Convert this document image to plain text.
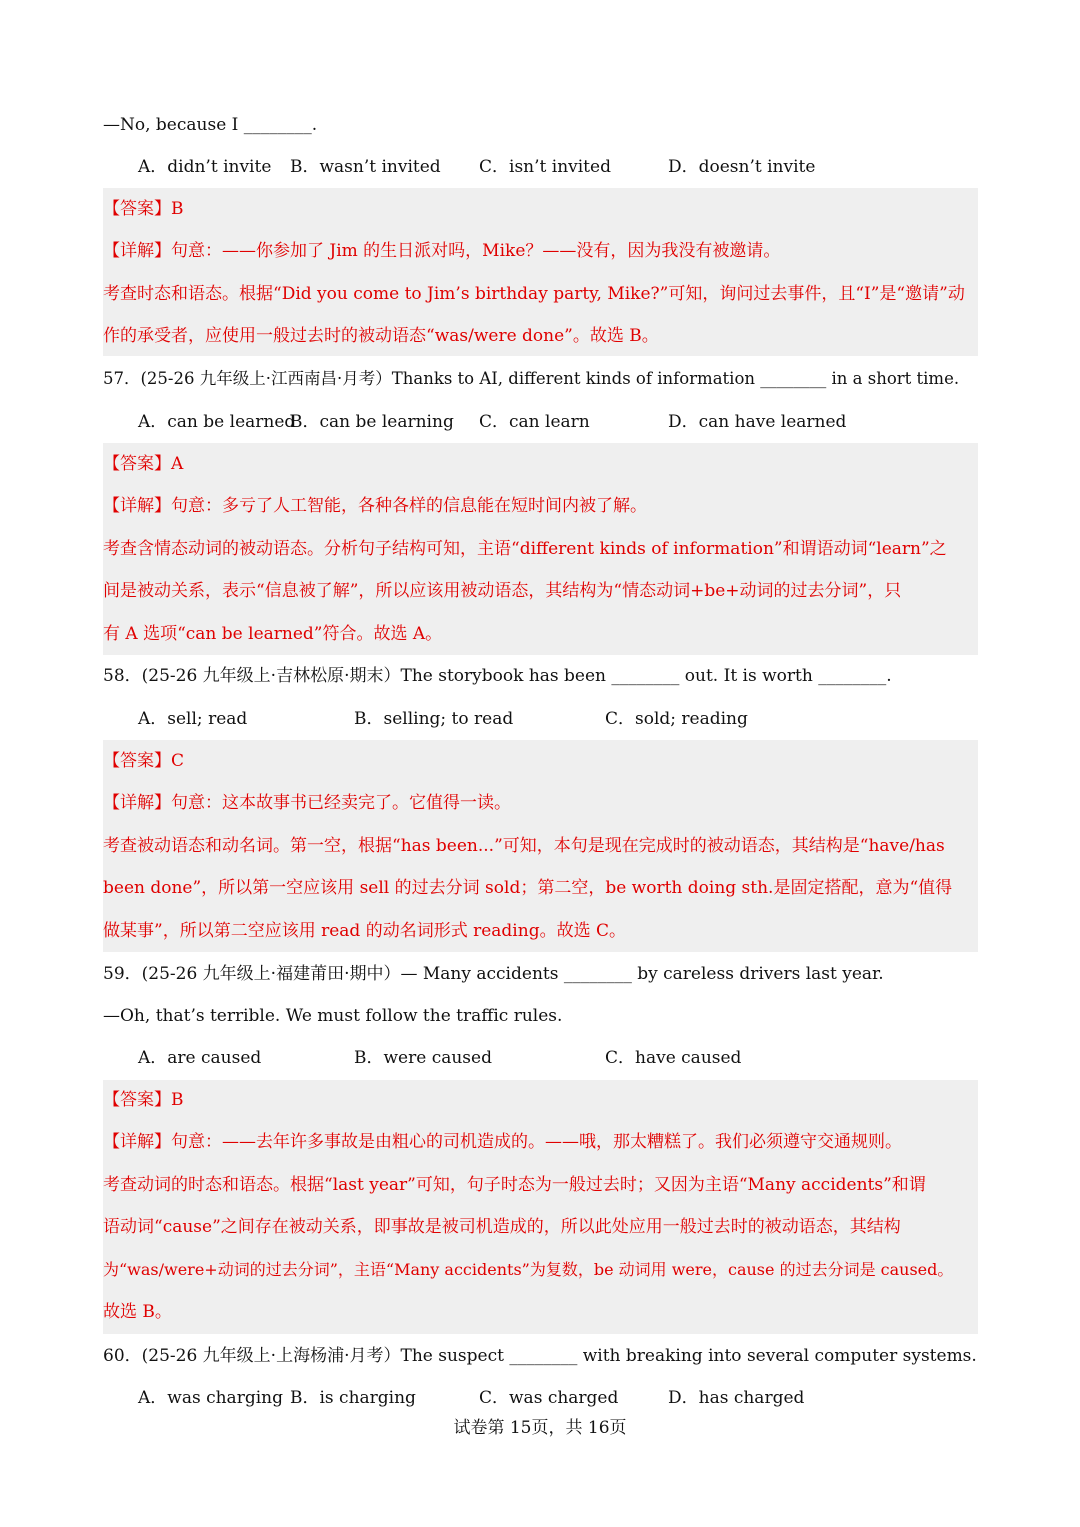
—No, because I ________.
A．didn’t invite B．wasn’t invited C．isn’t invited	D．doesn’t invite
【答案】B
【详解】句意：——你参加了 Jim 的生日派对吗，Mike？——没有，因为我没有被邀请。
考查时态和语态。根据“Did you come to Jim’s birthday party, Mike?”可知，询问过去事件，且“I”是“邀请”动
作的承受者，应使用一般过去时的被动语态“was/were done”。故选 B。
57．(25-26 九年级上·江西南昌·月考）Thanks to AI, different kinds of information ________ in a short time.
A．can be learned
B．can be learning C．can learn	D．can have learned
【答案】A
【详解】句意：多亏了人工智能，各种各样的信息能在短时间内被了解。
考查含情态动词的被动语态。分析句子结构可知，主语“different kinds of information”和谓语动词“learn”之
间是被动关系，表示“信息被了解”，所以应该用被动语态，其结构为“情态动词+be+动词的过去分词”，只
有 A 选项“can be learned”符合。故选 A。
58．(25-26 九年级上·吉林松原·期末）The storybook has been ________ out. It is worth ________.
A．sell; read	B．selling; to read	C．sold; reading
【答案】C
【详解】句意：这本故事书已经卖完了。它值得一读。
考查被动语态和动名词。第一空，根据“has been...”可知，本句是现在完成时的被动语态，其结构是“have/has
been done”，所以第一空应该用 sell 的过去分词 sold；第二空，be worth doing sth.是固定搭配，意为“值得
做某事”，所以第二空应该用 read 的动名词形式 reading。故选 C。
59．(25-26 九年级上·福建莆田·期中）— Many accidents ________ by careless drivers last year.
—Oh, that’s terrible. We must follow the traffic rules.
A．are caused	B．were caused	C．have caused
【答案】B
【详解】句意：——去年许多事故是由粗心的司机造成的。——哦，那太糟糕了。我们必须遵守交通规则。
考查动词的时态和语态。根据“last year”可知，句子时态为一般过去时；又因为主语“Many accidents”和谓
语动词“cause”之间存在被动关系，即事故是被司机造成的，所以此处应用一般过去时的被动语态，其结构
为“was/were+动词的过去分词”，主语“Many accidents”为复数，be 动词用 were，cause 的过去分词是 caused。
故选 B。
60．(25-26 九年级上·上海杨浦·月考）The suspect ________ with breaking into several computer systems.
A．was charging B．is charging	C．was charged	D．has charged
试卷第 15页，共 16页
